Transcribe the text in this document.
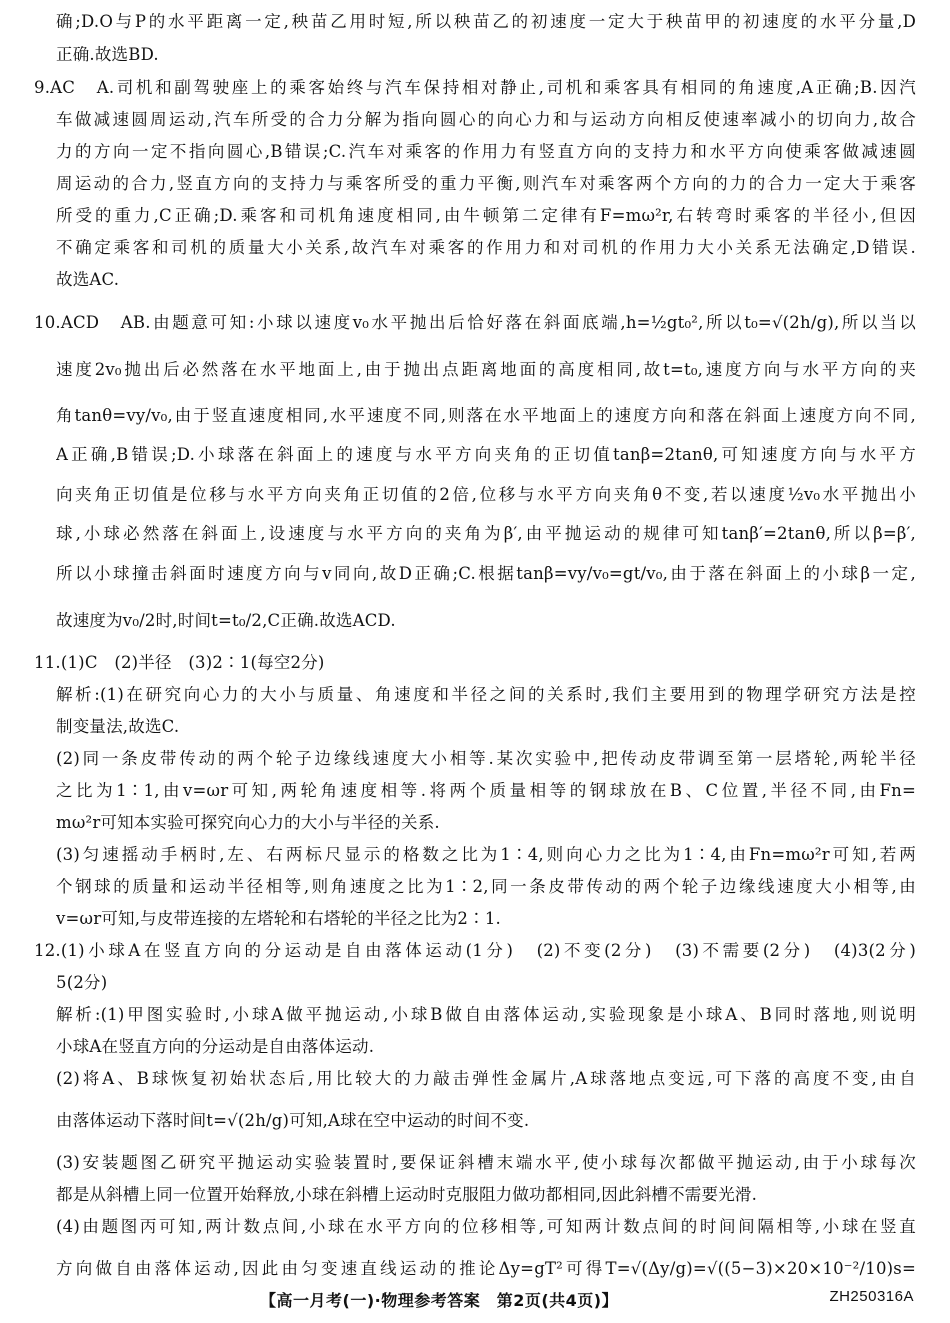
确;D.O与P的水平距离一定,秧苗乙用时短,所以秧苗乙的初速度一定大于秧苗甲的初速度的水平分量,D
正确.故选BD.
9.AC　A.司机和副驾驶座上的乘客始终与汽车保持相对静止,司机和乘客具有相同的角速度,A正确;B.因汽
车做减速圆周运动,汽车所受的合力分解为指向圆心的向心力和与运动方向相反使速率减小的切向力,故合
力的方向一定不指向圆心,B错误;C.汽车对乘客的作用力有竖直方向的支持力和水平方向使乘客做减速圆
周运动的合力,竖直方向的支持力与乘客所受的重力平衡,则汽车对乘客两个方向的力的合力一定大于乘客
所受的重力,C正确;D.乘客和司机角速度相同,由牛顿第二定律有F=mω²r,右转弯时乘客的半径小,但因
不确定乘客和司机的质量大小关系,故汽车对乘客的作用力和对司机的作用力大小关系无法确定,D错误.
故选AC.
10.ACD　AB.由题意可知:小球以速度v₀水平抛出后恰好落在斜面底端,h=½gt₀²,所以t₀=√(2h/g),所以当以
速度2v₀抛出后必然落在水平地面上,由于抛出点距离地面的高度相同,故t=t₀,速度方向与水平方向的夹
角tanθ=vy/v₀,由于竖直速度相同,水平速度不同,则落在水平地面上的速度方向和落在斜面上速度方向不同,
A正确,B错误;D.小球落在斜面上的速度与水平方向夹角的正切值tanβ=2tanθ,可知速度方向与水平方
向夹角正切值是位移与水平方向夹角正切值的2倍,位移与水平方向夹角θ不变,若以速度½v₀水平抛出小
球,小球必然落在斜面上,设速度与水平方向的夹角为β′,由平抛运动的规律可知tanβ′=2tanθ,所以β=β′,
所以小球撞击斜面时速度方向与v同向,故D正确;C.根据tanβ=vy/v₀=gt/v₀,由于落在斜面上的小球β一定,
故速度为v₀/2时,时间t=t₀/2,C正确.故选ACD.
11.(1)C　(2)半径　(3)2∶1(每空2分)
解析:(1)在研究向心力的大小与质量、角速度和半径之间的关系时,我们主要用到的物理学研究方法是控
制变量法,故选C.
(2)同一条皮带传动的两个轮子边缘线速度大小相等.某次实验中,把传动皮带调至第一层塔轮,两轮半径
之比为1∶1,由v=ωr可知,两轮角速度相等.将两个质量相等的钢球放在B、C位置,半径不同,由Fn=
mω²r可知本实验可探究向心力的大小与半径的关系.
(3)匀速摇动手柄时,左、右两标尺显示的格数之比为1∶4,则向心力之比为1∶4,由Fn=mω²r可知,若两
个钢球的质量和运动半径相等,则角速度之比为1∶2,同一条皮带传动的两个轮子边缘线速度大小相等,由
v=ωr可知,与皮带连接的左塔轮和右塔轮的半径之比为2∶1.
12.(1)小球A在竖直方向的分运动是自由落体运动(1分)　(2)不变(2分)　(3)不需要(2分)　(4)3(2分)
5(2分)
解析:(1)甲图实验时,小球A做平抛运动,小球B做自由落体运动,实验现象是小球A、B同时落地,则说明
小球A在竖直方向的分运动是自由落体运动.
(2)将A、B球恢复初始状态后,用比较大的力敲击弹性金属片,A球落地点变远,可下落的高度不变,由自
由落体运动下落时间t=√(2h/g)可知,A球在空中运动的时间不变.
(3)安装题图乙研究平抛运动实验装置时,要保证斜槽末端水平,使小球每次都做平抛运动,由于小球每次
都是从斜槽上同一位置开始释放,小球在斜槽上运动时克服阻力做功都相同,因此斜槽不需要光滑.
(4)由题图丙可知,两计数点间,小球在水平方向的位移相等,可知两计数点间的时间间隔相等,小球在竖直
方向做自由落体运动,因此由匀变速直线运动的推论Δy=gT²可得T=√(Δy/g)=√((5−3)×20×10⁻²/10)s=
【高一月考(一)·物理参考答案　第2页(共4页)】	ZH250316A
